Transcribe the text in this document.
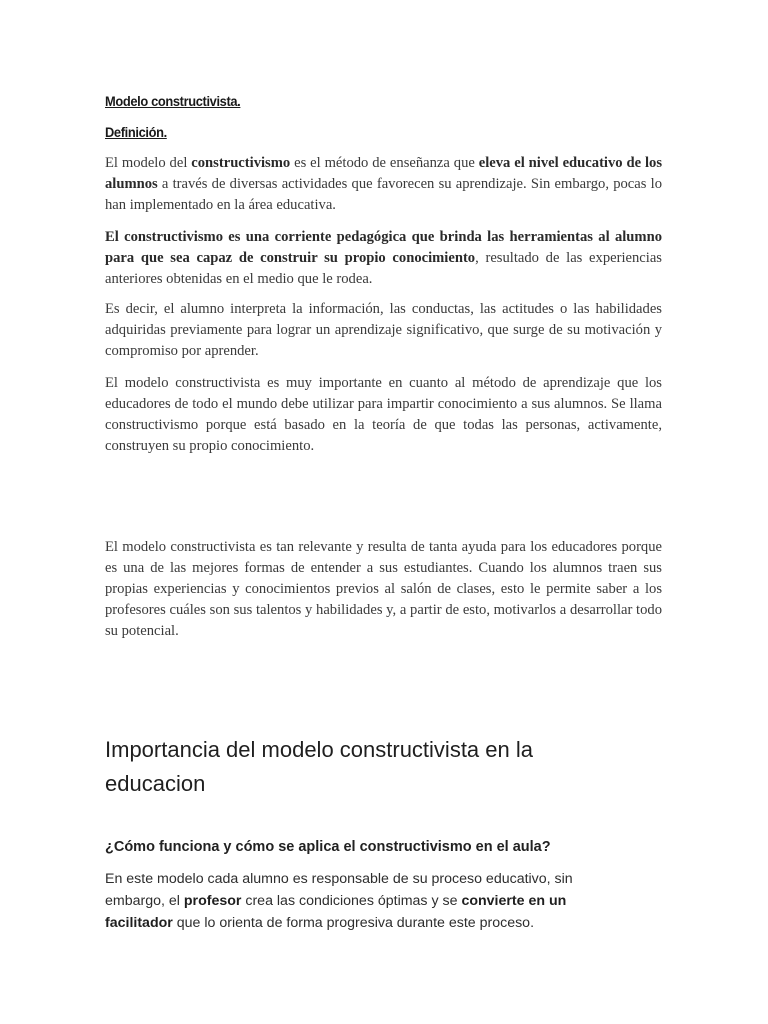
Modelo constructivista.
Definición.

El modelo del constructivismo es el método de enseñanza que eleva el nivel educativo de los alumnos a través de diversas actividades que favorecen su aprendizaje. Sin embargo, pocas lo han implementado en la área educativa.

El constructivismo es una corriente pedagógica que brinda las herramientas al alumno para que sea capaz de construir su propio conocimiento, resultado de las experiencias anteriores obtenidas en el medio que le rodea.

Es decir, el alumno interpreta la información, las conductas, las actitudes o las habilidades adquiridas previamente para lograr un aprendizaje significativo, que surge de su motivación y compromiso por aprender.

El modelo constructivista es muy importante en cuanto al método de aprendizaje que los educadores de todo el mundo debe utilizar para impartir conocimiento a sus alumnos. Se llama constructivismo porque está basado en la teoría de que todas las personas, activamente, construyen su propio conocimiento.

El modelo constructivista es tan relevante y resulta de tanta ayuda para los educadores porque es una de las mejores formas de entender a sus estudiantes. Cuando los alumnos traen sus propias experiencias y conocimientos previos al salón de clases, esto le permite saber a los profesores cuáles son sus talentos y habilidades y, a partir de esto, motivarlos a desarrollar todo su potencial.

Importancia del modelo constructivista en la educacion
¿Cómo funciona y cómo se aplica el constructivismo en el aula?

En este modelo cada alumno es responsable de su proceso educativo, sin embargo, el profesor crea las condiciones óptimas y se convierte en un facilitador que lo orienta de forma progresiva durante este proceso.
